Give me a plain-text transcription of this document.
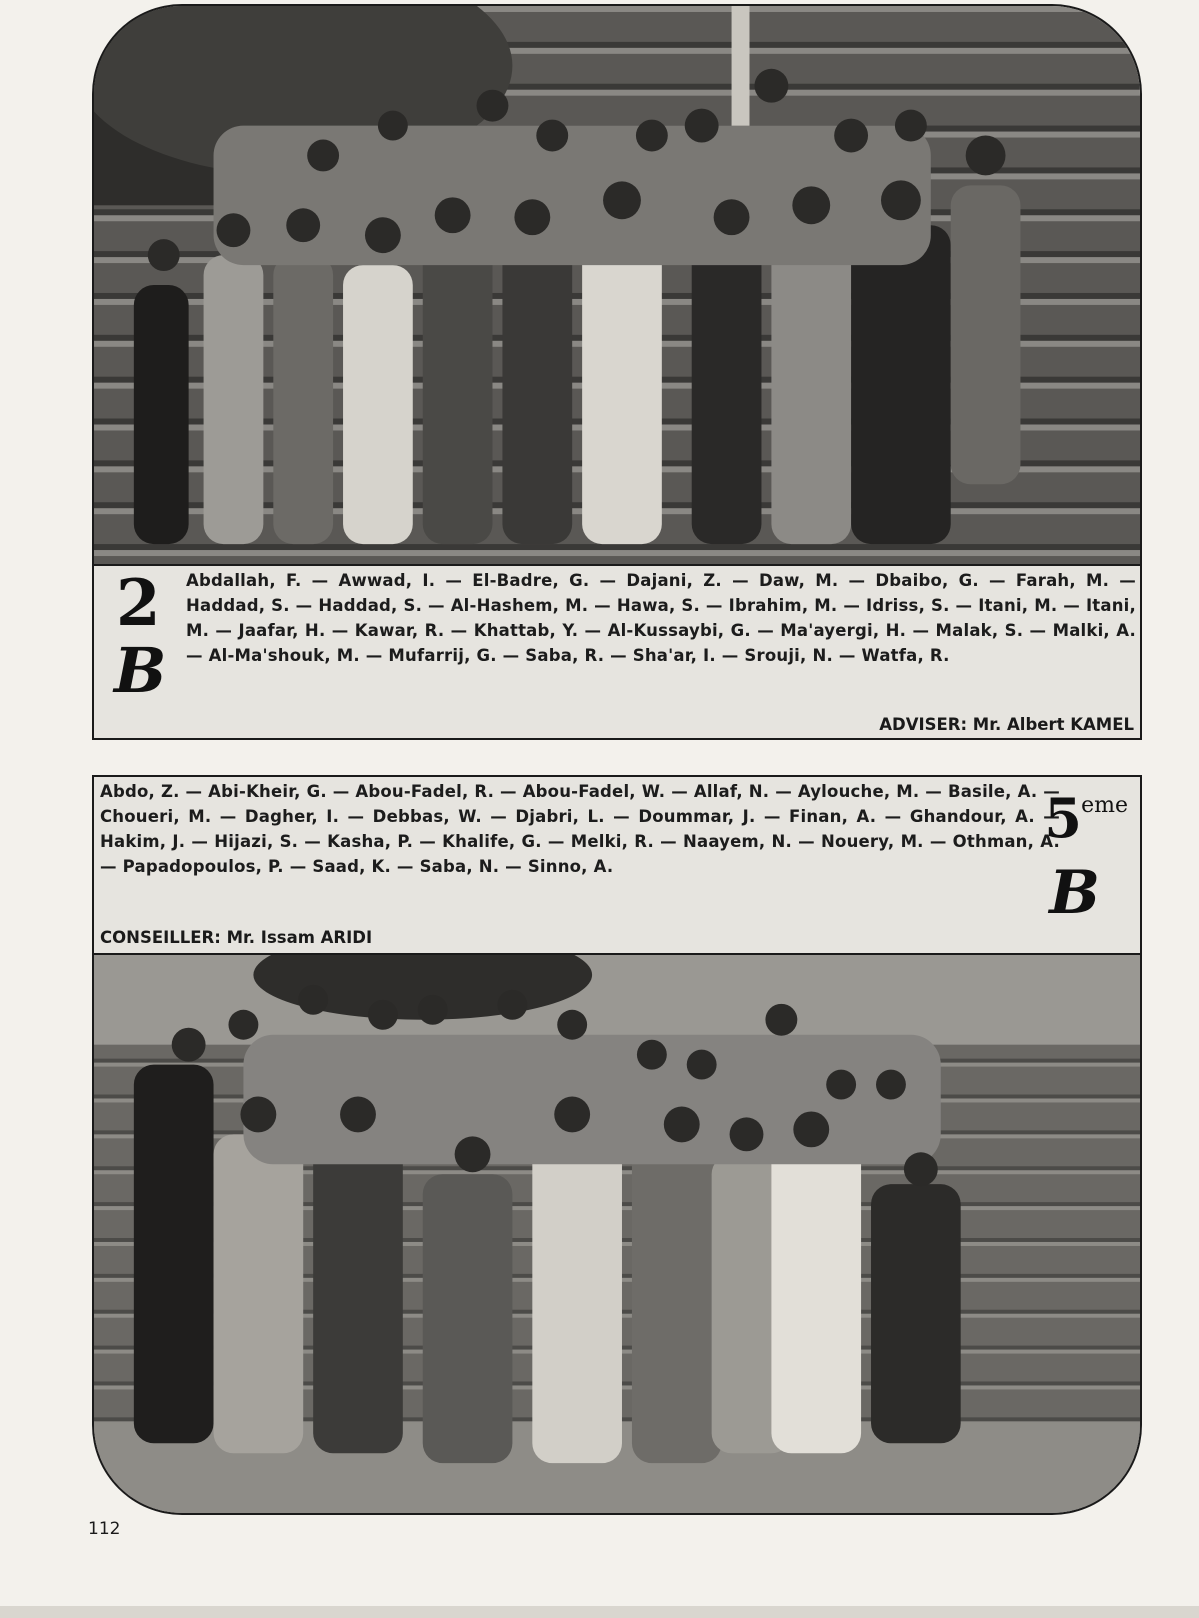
2
B
Abdallah, F. — Awwad, I. — El-Badre, G. — Dajani, Z. — Daw, M. — Dbaibo, G. — Farah, M. — Haddad, S. — Haddad, S. — Al-Hashem, M. — Hawa, S. — Ibrahim, M. — Idriss, S. — Itani, M. — Itani, M. — Jaafar, H. — Kawar, R. — Khattab, Y. — Al-Kussaybi, G. — Ma'ayergi, H. — Malak, S. — Malki, A. — Al-Ma'shouk, M. — Mufarrij, G. — Saba, R. — Sha'ar, I. — Srouji, N. — Watfa, R.
ADVISER: Mr. Albert KAMEL
Abdo, Z. — Abi-Kheir, G. — Abou-Fadel, R. — Abou-Fadel, W. — Allaf, N. — Aylouche, M. — Basile, A. — Choueri, M. — Dagher, I. — Debbas, W. — Djabri, L. — Doummar, J. — Finan, A. — Ghandour, A. — Hakim, J. — Hijazi, S. — Kasha, P. — Khalife, G. — Melki, R. — Naayem, N. — Nouery, M. — Othman, A. — Papadopoulos, P. — Saad, K. — Saba, N. — Sinno, A.
5 eme
B
CONSEILLER: Mr. Issam ARIDI
112
